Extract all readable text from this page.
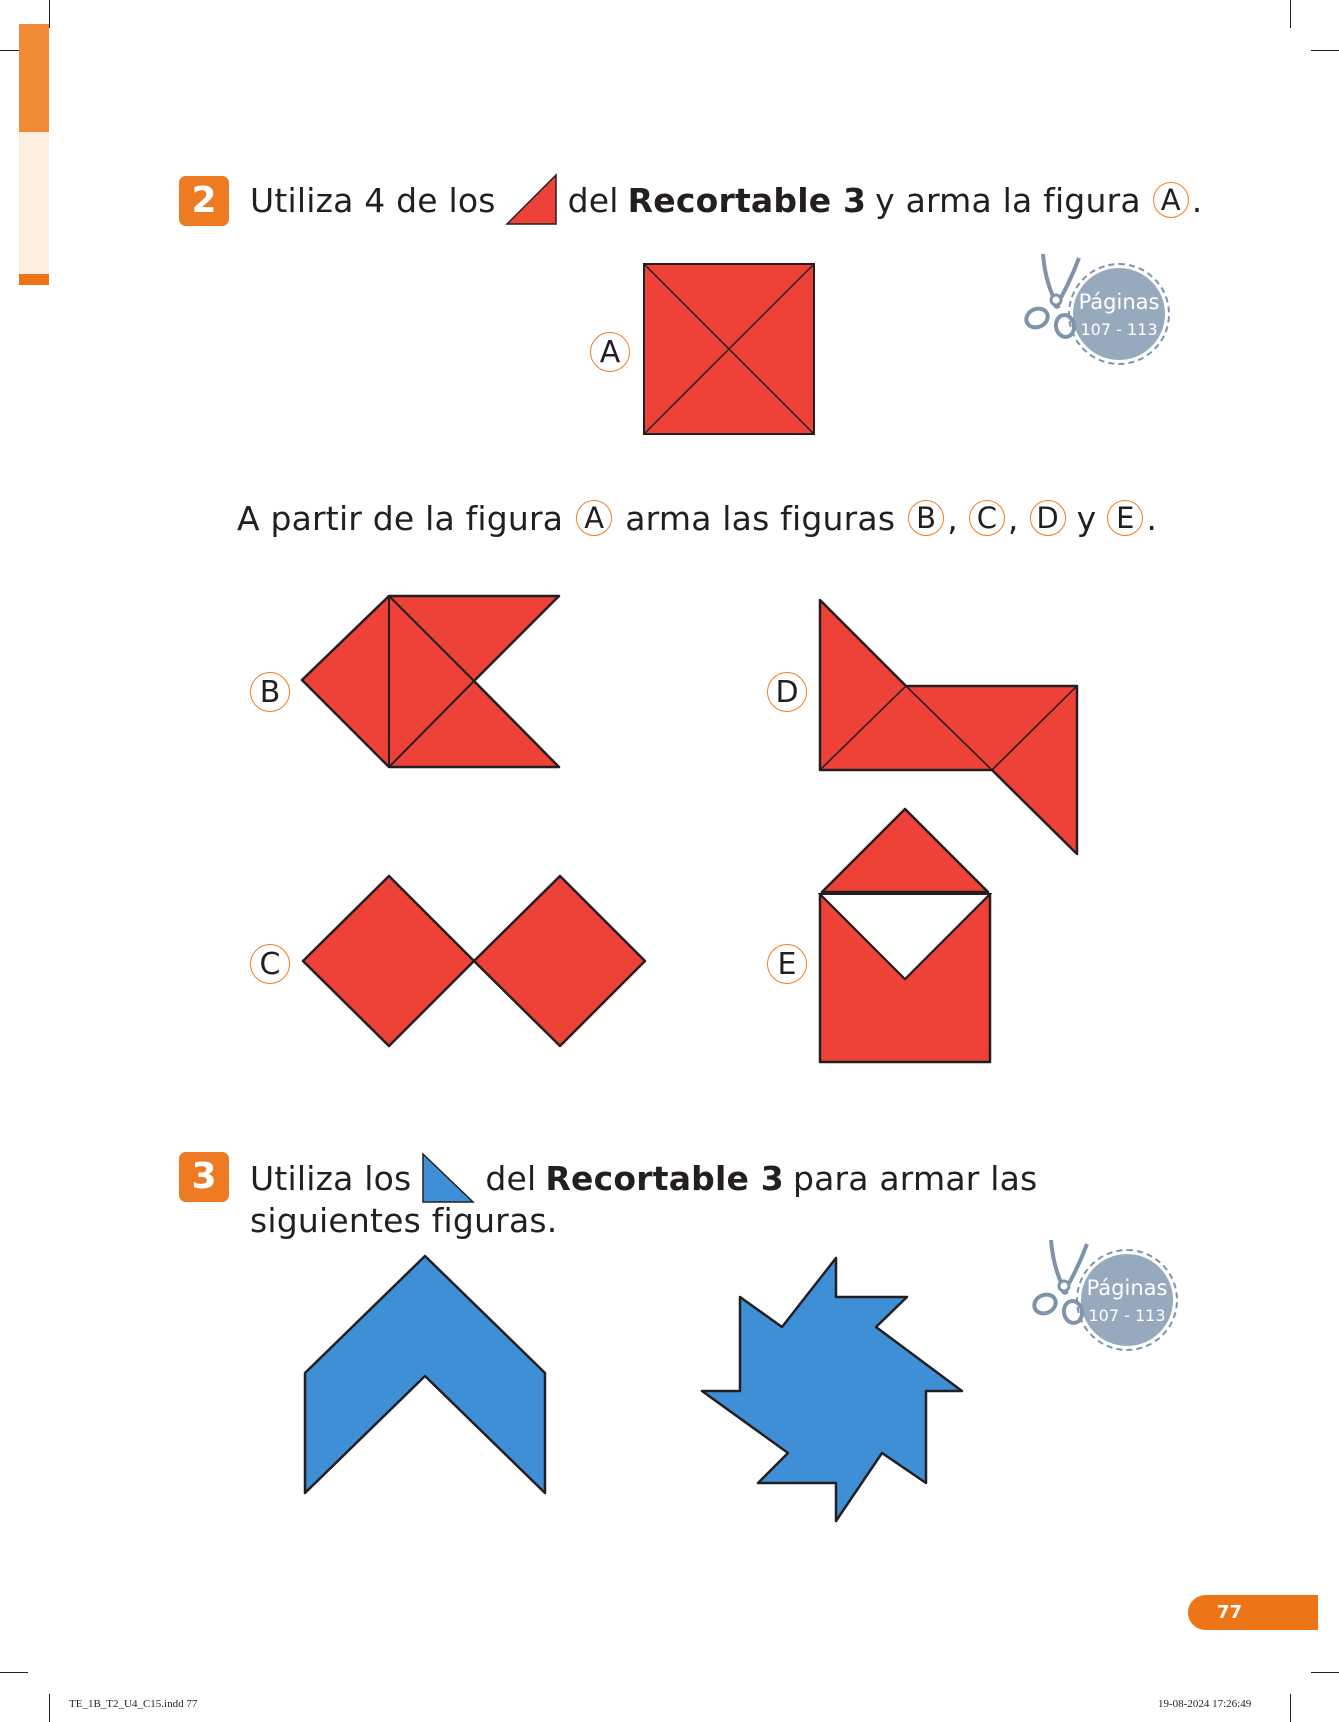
2	Utiliza 4 de los del Recortable 3 y arma la figura A .
A
Páginas
107 - 113
A partir de la figura A arma las figuras B , C , D y E .
B	D
C	E
3	Utiliza los del Recortable 3 para armar las
siguientes figuras.
Páginas
107 - 113
77
TE_1B_T2_U4_C15.indd 77	19-08-2024 17:26:49
